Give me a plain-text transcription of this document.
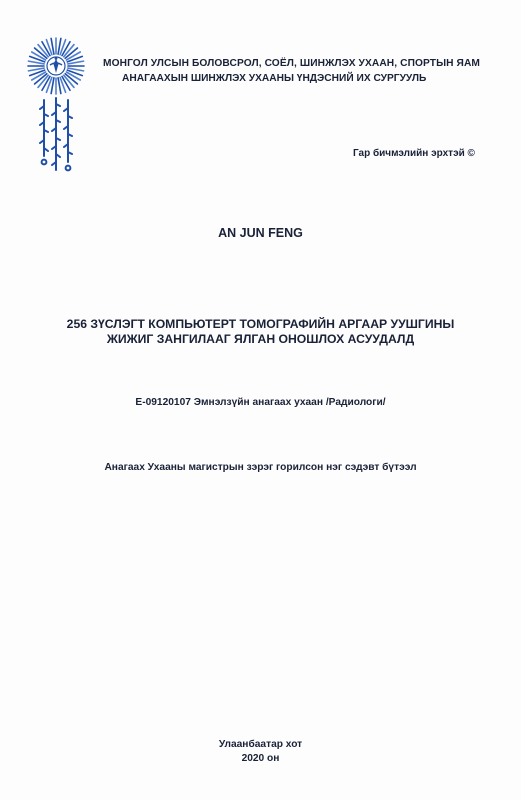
МОНГОЛ УЛСЫН БОЛОВСРОЛ, СОЁЛ, ШИНЖЛЭХ УХААН, СПОРТЫН ЯАМ
АНАГААХЫН ШИНЖЛЭХ УХААНЫ ҮНДЭСНИЙ ИХ СУРГУУЛЬ
Гар бичмэлийн эрхтэй ©
AN JUN FENG
256 ЗҮСЛЭГТ КОМПЬЮТЕРТ ТОМОГРАФИЙН АРГААР УУШГИНЫ
ЖИЖИГ ЗАНГИЛААГ ЯЛГАН ОНОШЛОХ АСУУДАЛД
E-09120107 Эмнэлзүйн анагаах ухаан /Радиологи/
Анагаах Ухааны магистрын зэрэг горилсон нэг сэдэвт бүтээл
Улаанбаатар хот
2020 он
